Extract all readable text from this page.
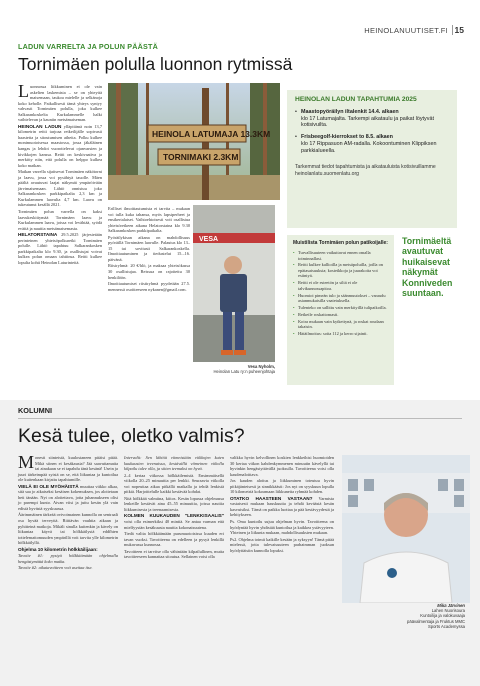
HEINOLANUUTISET.FI 15
LADUN VARRELTA JA POLUN PÄÄSTÄ
Tornimäen polulla luonnon rytmissä

Luonnossa liikkuminen ei ole vain askelten laskemista – se on yhteyttä maisemaan, taukoa mielelle ja selkänoja koko keholle. Paikallisesti tämä yhteys syntyy vahvasti Tornimäen polulla, joka kulkee Salkarankoskelta Kurkulammelle halki vaihtelevan ja kauniin metsämaiseman.

HEINOLAN LADUN ylläpitämä noin 13,7 kilometrin reitti tarjoaa retkeilijälle sopivasti haastetta ja sitoutumisen aiheita. Polku kulkee monimuotoisessa maastossa, jossa jäkäläinen kangas ja lehdot vuorottelevat ojanvarsien ja kivikkojen kanssa. Reitti on keskivaativa ja merkitty niin, että polulla on helppo kulkea koko matkan.

Matkan varrella sijaitsevat Tornimäen näkötorni ja laavu, jossa voi pysähtyä tauolle. Mäen päältä avautuvat laajat näkymät ympäröivään järvimaisemaan. Lähtö onnistuu joko Salkarankosken parkkipaikalta 2,3 km ja Kurkulammen laavulta 4,7 km. Laavu on tukeutunut kesällä 2021.

Tornimäen polun varrella on kaksi laavukeskittymää Tornimäen laavu ja Kurkulammen laavu, joissa voi levähtää, syödä eväitä ja nauttia metsämaisemasta.

HELATORSTAINA 29.5.2025 järjestetään perinteinen yhteisöpolkuretki Tornimäen polulle. Lähtö tapahtuu Salkarankosken parkkipaikalta klo 9.30, ja osallistujat voivat kulkea polun omaan tahtiinsa. Reitti kulkee lopulta kohti Heinolan Laturinteitä.

HEINOLA LATUMAJA 13.3KM
TORNIMAKI 2.3KM

Erilliset ilmoittautumista ei tarvita – mukaan voi tulla kuka tahansa, myös lapsiperheet ja ensikertalaiset. Vaihtoehtoisesti voit osallistua yhteisöretkeen aikana Helatorstaina klo 9.30 Salkarankosken parkkipaikalta.

Pyöräilykisan aikana on mahdollisuus pyöräillä Tornimäen laavulle. Palautus klo 13–15 tai sovitusti Salkarankoskella. Ilmoittautuminen ja tiedustelut 15.–16. päivänä.

Riisiryhmä: 20 €/hlö, ja maksaa yhteisökassa 30 osallistujaa. Reissua on rajoitettu 30 henkilöön.

Ilmoittautumiset riistiryhmä pyydetään 27.5. mennessä osoitteeseen nykanen@gmail.com.

VESA
Vesa Nyholm,
Heinolan Latu ry:n puheenjohtaja
HEINOLAN LADUN TAPAHTUMIA 2025
• Maastopyöräilyn iltalenkit 14.4. alkaen
klo 17 Latumajalta. Tarkempi aikataulu ja paikat löytyvät kotisivuilta.
• Frisbeegolf-kierrokset to 8.5. alkaen
klo 17 Rippasuon AM-radalla. Kokoontuminen Klippiksen parkkialueella.
Tarkemmat tiedot tapahtumista ja aikatauluista kotisivuillamme heinolanlatu.suomenlatu.org
Muistilista Tornimäen polun patikoijalle:
• Turvallisuuteen vaikuttavat ennen omalla toiminnallasi.
• Reitti kulkee kallioilla ja metsäpoluilla, joilla on epätasaisuuksia; kosteikkoja ja juurakoita voi esiintyä.
• Reitti ei ole esteetön ja siltä ei ole talvikunnossapitoa.
• Huomioi pimeän tulo ja säänmuutokset – varaudu asianmukaisilla vaatetuksella.
• Tulenteko on sallittu vain merkityillä tulipaikoilla.
• Retkeile roskattomasti.
• Koira mukaan vain kytkettynä, ja roskat roudaan takaisin.
• Hätäilmoitus: soita 112 ja kerro sijainti.
Tornimäeltä avautuvat huikaisevat näkymät Konniveden suuntaan.
KOLUMNI
Kesä tulee, oletko valmis?

Monesti siinteistä, kuulostaneen pitäisi pitää. Mikä siinen ei kesäkausia? Jää saavuttamatta tai ainakaan se ei tapahdu tänä kesänä! Usein ja juuri tärkeimpää syistä on se, että liikuntaa ja kuntoilua ole kuitenkaan kirjattu tapahtumille.

VIELÄ EI OLE MYÖHÄISTÄ muuttaa viikko alkaa, sitä saa jo aikaiseksi kesäisen kokemuksen, jos aloitetaan heti tänään. Nyt on aloitettava, jotta juhannukseen olisi jo parempi kunto. Aivan viisi ja juttu kesän ylä vain edistä hyvästä syyskuussa.

Äärimmäinen tärkeää ovivoimainen kunnolla on sentraali osa hyvää terveyttä. Riittävän vauhtia aikaan ja pyhitteinä matkoja. Mikäli sinulla kuitenkin ja kävely on liikuntaa käyvä tai hölkkäilystä eddfhten tottelemattomuuden ympärillä voit tarvita ylle kilometrin hölkkäilyllä.

Ohjelma 10 kilometrin hölkkäilijaan:

Tavoite #1: pystyä hölkkäämään ohjelmalla hengästymättä koko matka.

Tavoite #2: aikatavoitteen voit asettaa itse.

Intervalit: Sen lähtöä viimeistään viikkojen kuten kuukausien treenaissa, kestävällä viimeinen viikolla kilpailu tulee olla, ja sitten teemaksi on hyvä.

2–4 kertaa viikossa hölkkäilemistä. Ensimmäisellä viikolla 20–25 minuuttia per lenkki. Seuraavia viikolla voi nopeuttaa aikaa pitkällä matkalla ja tehdä lenkistä pitkiä. Harjoittelulle kaikki kestävää kohdat.

Nitä hölkkää valmiina, kiitos. Kesän lopussa ohjelmassa lenkeille kestävät aina 45–55 minuuttia, joissa nauttia liikkumisesta ja treenaamisesta.

KOLMEN KUUKAUDEN "LENKKISAALIS" voisi olla esimerkiksi 40 mintiä. Se antaa varman että mielfyystän kesäkuusta nauttia kokonaisuutena.

Tiedä valita hölkkäämään purumuotoisissa kuuden eri tavan vuoksi. Tavoitteena on edelleen ja pysyä lenkillä mukavassa kunnossa.

Tavoitteen ei tarvitse olla vähintään kilpailullinen, mutta tavoitteeseen kannattaa sitoutua. Sellainen voisi olla

valikka hyvin kelvollinen koskien lenkkeihisi huomioiden 30 kertaa viikon kahdenkymmenen minuutin kävelyllä tai hyvinkin hengästyttävällä juoksulla. Tavoitteena voisi olla kaudenaloittava.

Jos kauden aloitus ja liikkuminen toteutuu hyvin pitkäjänteisesti ja sinnikkäästi: Jos nyt on syyskuun lopulla 10 kilometriä kokoamaan liikkuneita ryhmää kohden.

OTATKO HAASTEEN VASTAAN? Varmista vastaisesti mukaan hauskuutta ja tehdä keväästä kesän kasvuisiksi. Tämä on paikka luottaa ja pää kestävyydestä ja kehitykseen.

Ps. Oma kuntoilu sujuu ohjelman hyvin. Tavoitteena on hyödyntää hyvin yhdistää kuntoilua ja kaikkea ystävyyteen. Yhteinen ja liikunta mukaan, mahdollisuuksien mukaan.

Ps2. Ohjelma toimii kaikille kesään ja syksyyn! Tämä pitää mielessä, jotta tulevaisuuteen parhaimman juoksun hyödyttäisiin kunnolla lopuksi.

Mika Järvinen
Lahen Nuorisoura
Kuntoilija ja valokuvaaja
päävalmentaja ja Fruktus MMC
Sports Academyssa
